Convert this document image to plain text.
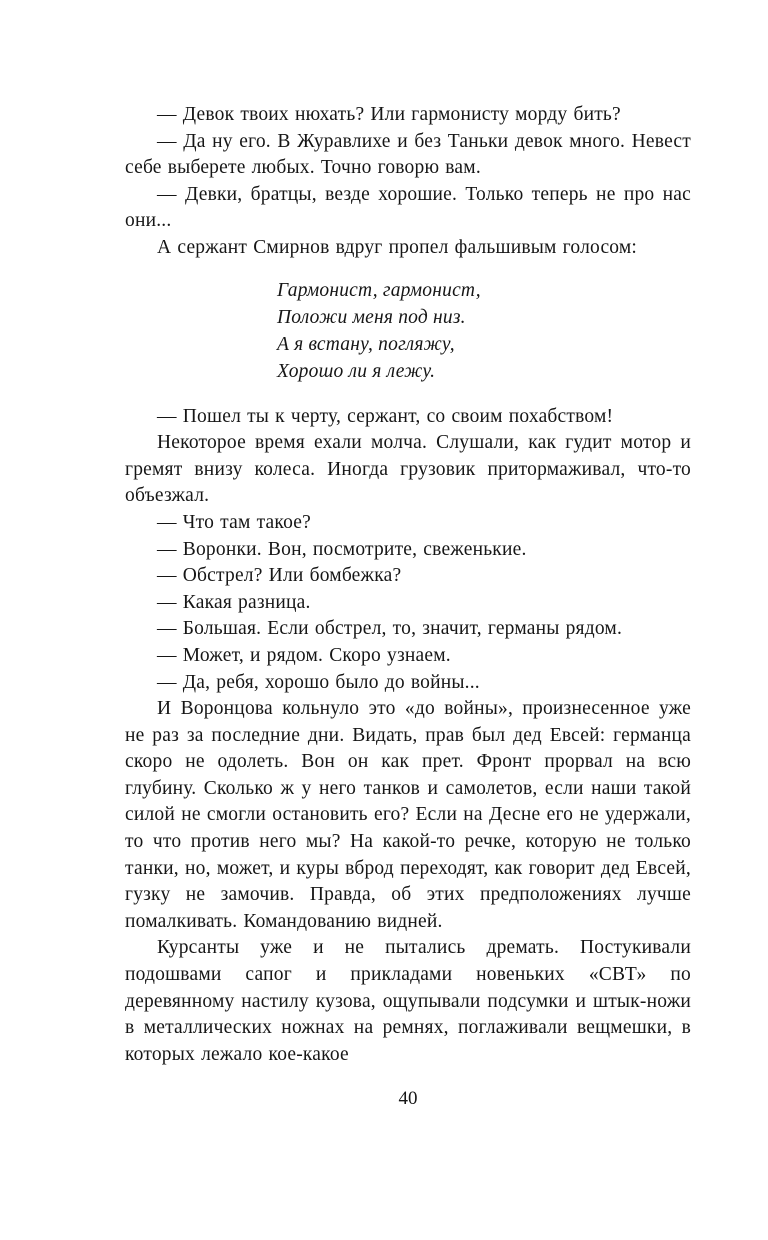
— Девок твоих нюхать? Или гармонисту морду бить?

— Да ну его. В Журавлихе и без Таньки девок много. Невест себе выберете любых. Точно говорю вам.

— Девки, братцы, везде хорошие. Только теперь не про нас они...

А сержант Смирнов вдруг пропел фальшивым голосом:

Гармонист, гармонист,
Положи меня под низ.
А я встану, погляжу,
Хорошо ли я лежу.

— Пошел ты к черту, сержант, со своим похабством!

Некоторое время ехали молча. Слушали, как гудит мотор и гремят внизу колеса. Иногда грузовик притормаживал, что-то объезжал.

— Что там такое?

— Воронки. Вон, посмотрите, свеженькие.

— Обстрел? Или бомбежка?

— Какая разница.

— Большая. Если обстрел, то, значит, германы рядом.

— Может, и рядом. Скоро узнаем.

— Да, ребя, хорошо было до войны...

И Воронцова кольнуло это «до войны», произнесенное уже не раз за последние дни. Видать, прав был дед Евсей: германца скоро не одолеть. Вон он как прет. Фронт прорвал на всю глубину. Сколько ж у него танков и самолетов, если наши такой силой не смогли остановить его? Если на Десне его не удержали, то что против него мы? На какой-то речке, которую не только танки, но, может, и куры вброд переходят, как говорит дед Евсей, гузку не замочив. Правда, об этих предположениях лучше помалкивать. Командованию видней.

Курсанты уже и не пытались дремать. Постукивали подошвами сапог и прикладами новеньких «СВТ» по деревянному настилу кузова, ощупывали подсумки и штык-ножи в металлических ножнах на ремнях, поглаживали вещмешки, в которых лежало кое-какое

40
